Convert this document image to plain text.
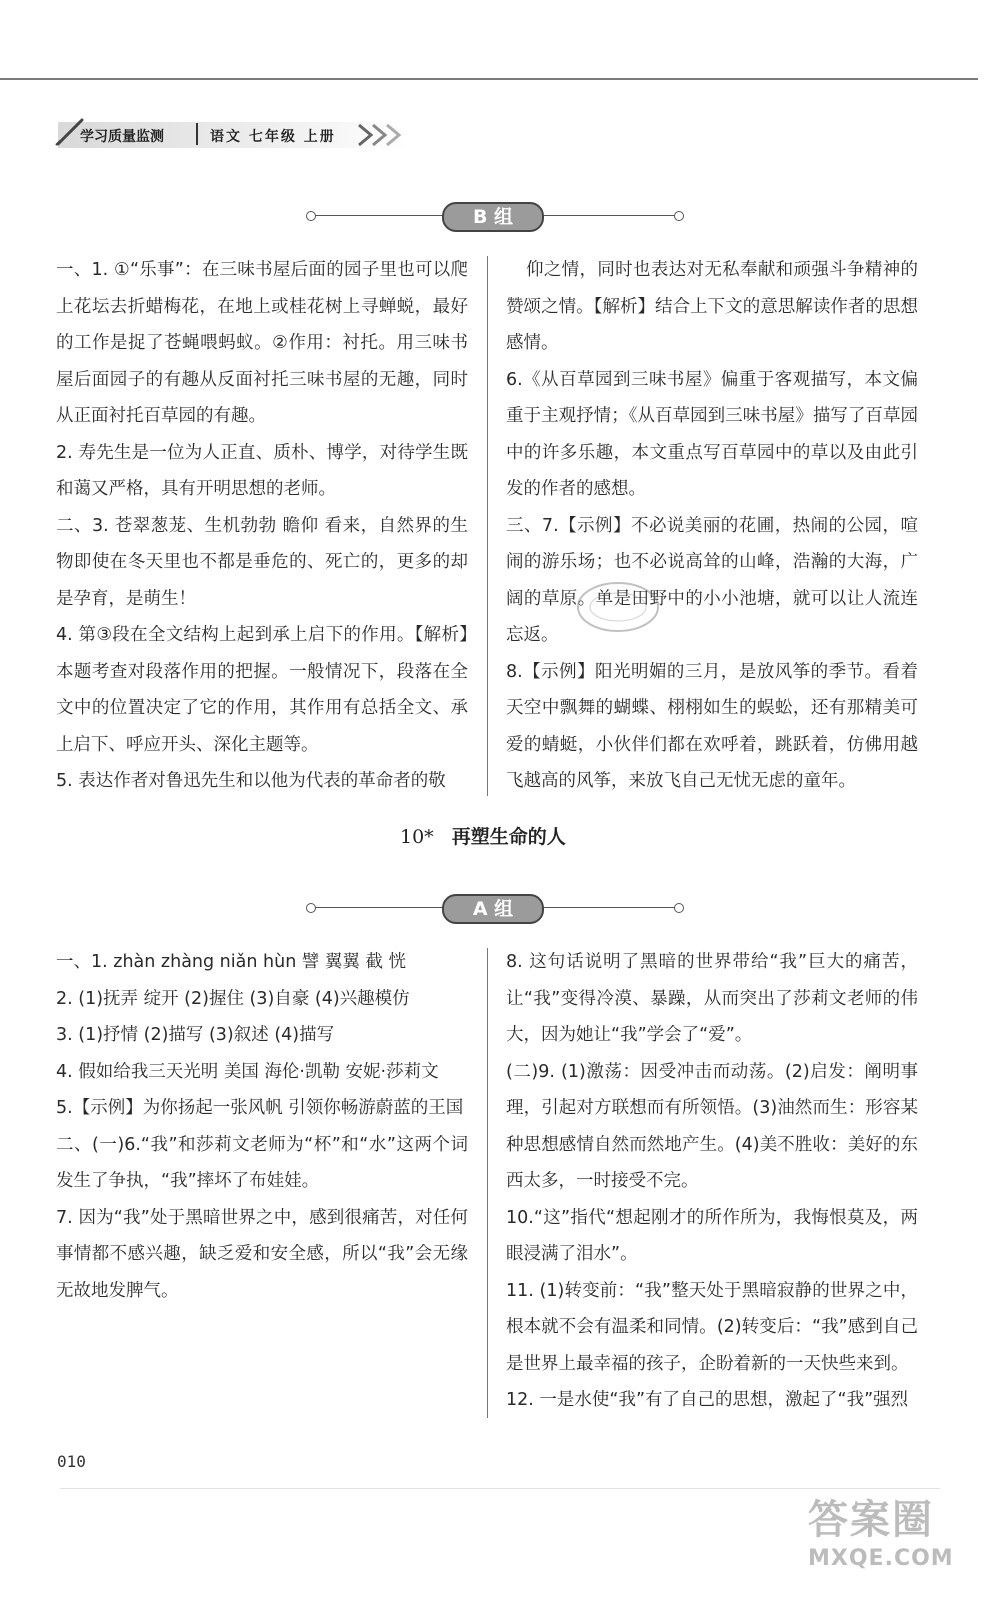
学习质量监测	语文 七年级 上册
B 组

一、1. ①“乐事”：在三味书屋后面的园子里也可以爬上花坛去折蜡梅花，在地上或桂花树上寻蝉蜕，最好的工作是捉了苍蝇喂蚂蚁。②作用：衬托。用三味书屋后面园子的有趣从反面衬托三味书屋的无趣，同时从正面衬托百草园的有趣。

2. 寿先生是一位为人正直、质朴、博学，对待学生既和蔼又严格，具有开明思想的老师。

二、3. 苍翠葱茏、生机勃勃 瞻仰 看来，自然界的生物即使在冬天里也不都是垂危的、死亡的，更多的却是孕育，是萌生！

4. 第③段在全文结构上起到承上启下的作用。【解析】本题考查对段落作用的把握。一般情况下，段落在全文中的位置决定了它的作用，其作用有总括全文、承上启下、呼应开头、深化主题等。

5. 表达作者对鲁迅先生和以他为代表的革命者的敬

仰之情，同时也表达对无私奉献和顽强斗争精神的赞颂之情。【解析】结合上下文的意思解读作者的思想感情。

6.《从百草园到三味书屋》偏重于客观描写，本文偏重于主观抒情；《从百草园到三味书屋》描写了百草园中的许多乐趣，本文重点写百草园中的草以及由此引发的作者的感想。

三、7.【示例】不必说美丽的花圃，热闹的公园，喧闹的游乐场；也不必说高耸的山峰，浩瀚的大海，广阔的草原。单是田野中的小小池塘，就可以让人流连忘返。

8.【示例】阳光明媚的三月，是放风筝的季节。看着天空中飘舞的蝴蝶、栩栩如生的蜈蚣，还有那精美可爱的蜻蜓，小伙伴们都在欢呼着，跳跃着，仿佛用越飞越高的风筝，来放飞自己无忧无虑的童年。

10* 再塑生命的人
A 组

一、1. zhàn zhàng niǎn hùn 譬 翼翼 截 恍

2. (1)抚弄 绽开 (2)握住 (3)自豪 (4)兴趣模仿

3. (1)抒情 (2)描写 (3)叙述 (4)描写

4. 假如给我三天光明 美国 海伦·凯勒 安妮·莎莉文

5.【示例】为你扬起一张风帆 引领你畅游蔚蓝的王国

二、(一)6.“我”和莎莉文老师为“杯”和“水”这两个词发生了争执，“我”摔坏了布娃娃。

7. 因为“我”处于黑暗世界之中，感到很痛苦，对任何事情都不感兴趣，缺乏爱和安全感，所以“我”会无缘无故地发脾气。

8. 这句话说明了黑暗的世界带给“我”巨大的痛苦，让“我”变得冷漠、暴躁，从而突出了莎莉文老师的伟大，因为她让“我”学会了“爱”。

(二)9. (1)激荡：因受冲击而动荡。(2)启发：阐明事理，引起对方联想而有所领悟。(3)油然而生：形容某种思想感情自然而然地产生。(4)美不胜收：美好的东西太多，一时接受不完。

10.“这”指代“想起刚才的所作所为，我悔恨莫及，两眼浸满了泪水”。

11. (1)转变前：“我”整天处于黑暗寂静的世界之中，根本就不会有温柔和同情。(2)转变后：“我”感到自己是世界上最幸福的孩子，企盼着新的一天快些来到。

12. 一是水使“我”有了自己的思想，激起了“我”强烈

010
答案圈
MXQE.COM
